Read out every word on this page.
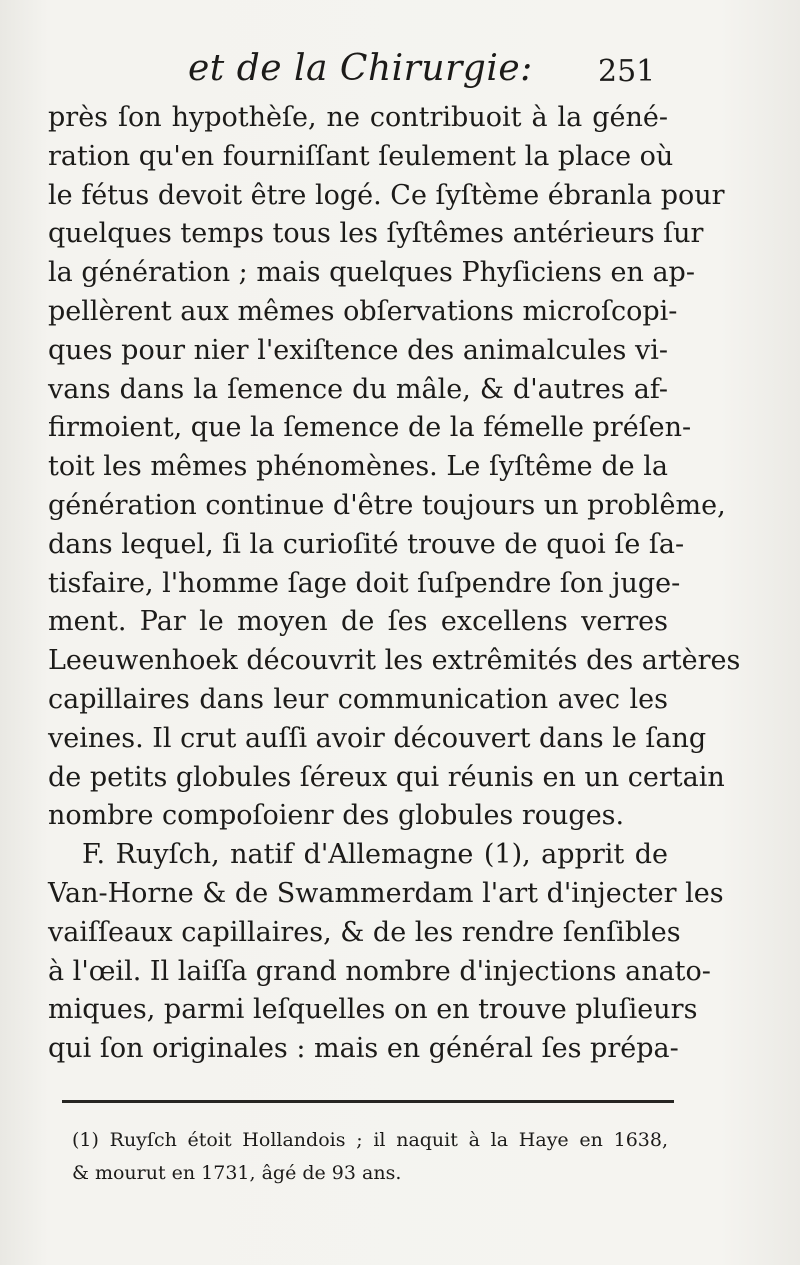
et de la Chirurgie: 251
près ſon hypothèſe, ne contribuoit à la géné-
ration qu'en fourniſſant ſeulement la place où
le fétus devoit être logé. Ce ſyſtème ébranla pour
quelques temps tous les ſyſtêmes antérieurs ſur
la génération ; mais quelques Phyſiciens en ap-
pellèrent aux mêmes obſervations microſcopi-
ques pour nier l'exiſtence des animalcules vi-
vans dans la ſemence du mâle, & d'autres af-
firmoient, que la ſemence de la fémelle préſen-
toit les mêmes phénomènes. Le ſyſtême de la
génération continue d'être toujours un problême,
dans lequel, ſi la curioſité trouve de quoi ſe ſa-
tisfaire, l'homme ſage doit ſuſpendre ſon juge-
ment. Par le moyen de ſes excellens verres
Leeuwenhoek découvrit les extrêmités des artères
capillaires dans leur communication avec les
veines. Il crut auſſi avoir découvert dans le ſang
de petits globules ſéreux qui réunis en un certain
nombre compoſoienr des globules rouges.
F. Ruyſch, natif d'Allemagne (1), apprit de
Van-Horne & de Swammerdam l'art d'injecter les
vaiſſeaux capillaires, & de les rendre ſenſibles
à l'œil. Il laiſſa grand nombre d'injections anato-
miques, parmi leſquelles on en trouve pluſieurs
qui ſon originales : mais en général ſes prépa-
(1) Ruyſch étoit Hollandois ; il naquit à la Haye en 1638,
& mourut en 1731, âgé de 93 ans.
